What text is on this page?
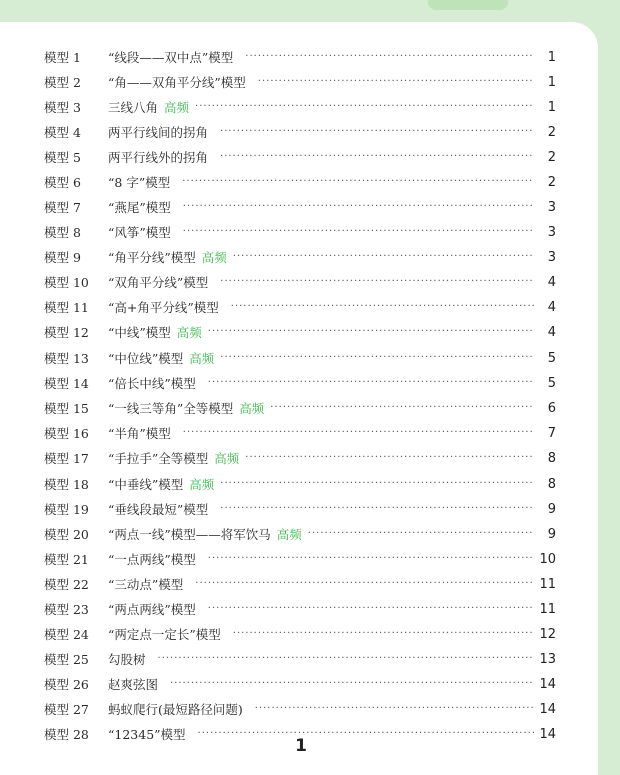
模型 1	“线段——双中点”模型 ·····	1
模型 2	“角——双角平分线”模型 ·····	1
模型 3	三线八角 高频 ·····	1
模型 4	两平行线间的拐角 ·····	2
模型 5	两平行线外的拐角 ·····	2
模型 6	“8 字”模型 ·····	2
模型 7	“燕尾”模型 ·····	3
模型 8	“风筝”模型 ·····	3
模型 9	“角平分线”模型 高频 ·····	3
模型 10	“双角平分线”模型 ·····	4
模型 11	“高+角平分线”模型 ·····	4
模型 12	“中线”模型 高频 ·····	4
模型 13	“中位线”模型 高频 ·····	5
模型 14	“倍长中线”模型 ·····	5
模型 15	“一线三等角”全等模型 高频 ·····	6
模型 16	“半角”模型 ·····	7
模型 17	“手拉手”全等模型 高频 ·····	8
模型 18	“中垂线”模型 高频 ·····	8
模型 19	“垂线段最短”模型 ·····	9
模型 20	“两点一线”模型——将军饮马 高频 ·····	9
模型 21	“一点两线”模型 ·····	10
模型 22	“三动点”模型 ·····	11
模型 23	“两点两线”模型 ·····	11
模型 24	“两定点一定长”模型 ·····	12
模型 25	勾股树 ·····	13
模型 26	赵爽弦图 ·····	14
模型 27	蚂蚁爬行(最短路径问题) ·····	14
模型 28	“12345”模型 ·····	14
1
